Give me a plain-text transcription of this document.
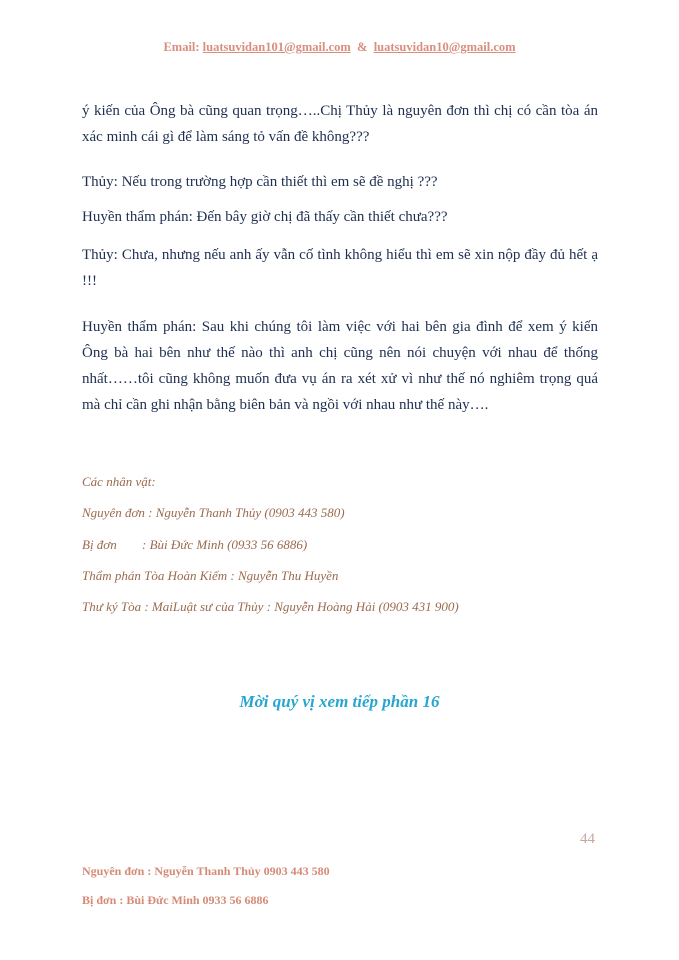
Email: luatsuvidan101@gmail.com  &  luatsuvidan10@gmail.com

ý kiến của Ông bà cũng quan trọng…..Chị Thủy là nguyên đơn thì chị có cần tòa án xác minh cái gì để làm sáng tỏ vấn đề không???

Thủy: Nếu trong trường hợp cần thiết thì em sẽ đề nghị ???

Huyền thẩm phán: Đến bây giờ chị đã thấy cần thiết chưa???

Thủy: Chưa, nhưng nếu anh ấy vẫn cố tình không hiểu thì em sẽ xin nộp đầy đủ hết ạ !!!

Huyền thẩm phán: Sau khi chúng tôi làm việc với hai bên gia đình để xem ý kiến Ông bà hai bên như thế nào thì anh chị cũng nên nói chuyện với nhau để thống nhất……tôi cũng không muốn đưa vụ án ra xét xử vì như thế nó nghiêm trọng quá mà chỉ cần ghi nhận bằng biên bản và ngồi với nhau như thế này….

Các nhân vật:

Nguyên đơn : Nguyễn Thanh Thủy (0903 443 580)

Bị đơn : Bùi Đức Minh (0933 56 6886)

Thẩm phán Tòa Hoàn Kiếm : Nguyễn Thu Huyền

Thư ký Tòa : MaiLuật sư của Thủy : Nguyễn Hoàng Hải (0903 431 900)

Mời quý vị xem tiếp phần 16

44

Nguyên đơn : Nguyễn Thanh Thủy 0903 443 580

Bị đơn : Bùi Đức Minh 0933 56 6886
